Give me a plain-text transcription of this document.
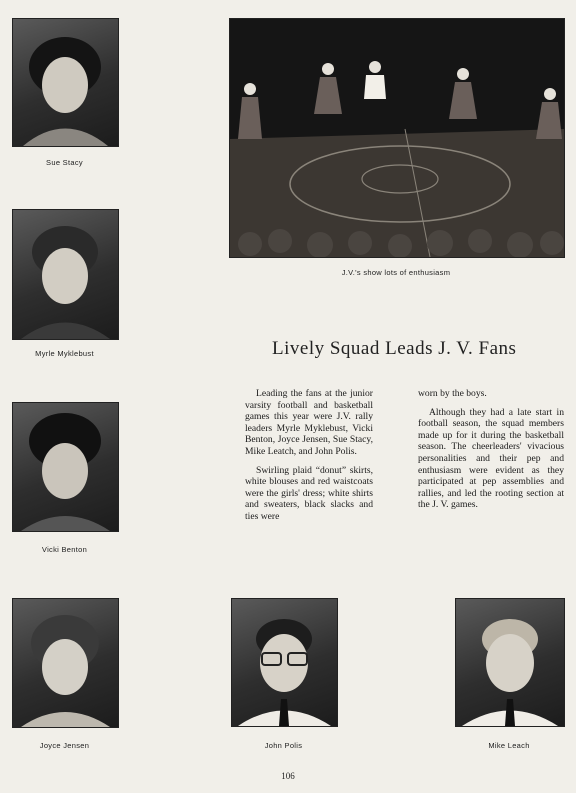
Sue Stacy
Myrle Myklebust
Vicki Benton
Joyce Jensen	John Polis	Mike Leach
J.V.'s show lots of enthusiasm
Lively Squad Leads J. V. Fans

Leading the fans at the junior varsity football and basketball games this year were J.V. rally leaders Myrle Myklebust, Vicki Benton, Joyce Jensen, Sue Stacy, Mike Leatch, and John Polis.

Swirling plaid “donut” skirts, white blouses and red waistcoats were the girls' dress; white shirts and sweaters, black slacks and ties were

worn by the boys.

Although they had a late start in football season, the squad members made up for it during the basketball season. The cheerleaders' vivacious personalities and their pep and enthusiasm were evident as they participated at pep assemblies and rallies, and led the rooting section at the J. V. games.

106
